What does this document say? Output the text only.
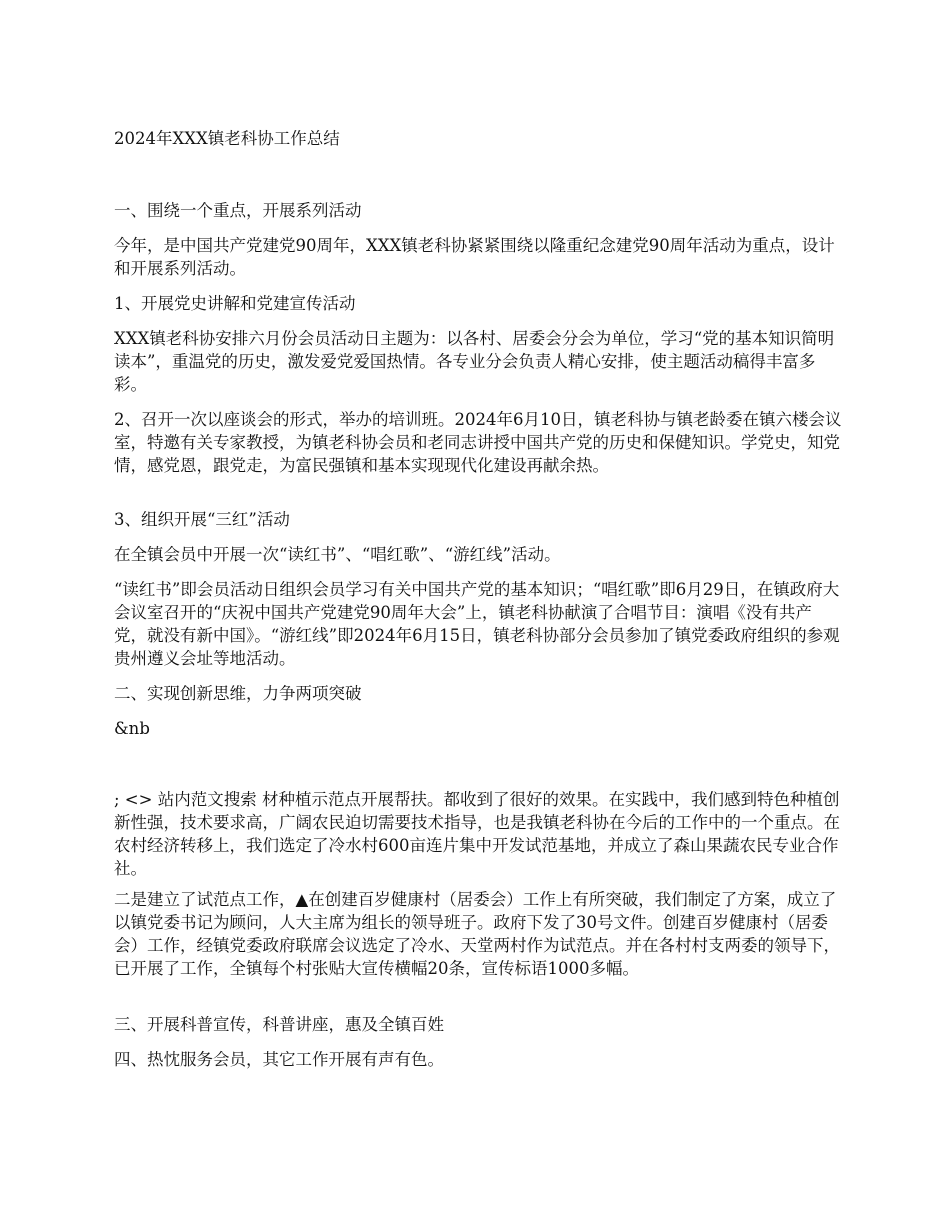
2024年XXX镇老科协工作总结

一、围绕一个重点，开展系列活动

今年，是中国共产党建党90周年，XXX镇老科协紧紧围绕以隆重纪念建党90周年活动为重点，设计和开展系列活动。

1、开展党史讲解和党建宣传活动

XXX镇老科协安排六月份会员活动日主题为：以各村、居委会分会为单位，学习“党的基本知识简明读本”，重温党的历史，激发爱党爱国热情。各专业分会负责人精心安排，使主题活动稿得丰富多彩。

2、召开一次以座谈会的形式，举办的培训班。2024年6月10日，镇老科协与镇老龄委在镇六楼会议室，特邀有关专家教授，为镇老科协会员和老同志讲授中国共产党的历史和保健知识。学党史，知党情，感党恩，跟党走，为富民强镇和基本实现现代化建设再献余热。

3、组织开展“三红”活动

在全镇会员中开展一次“读红书”、“唱红歌”、“游红线”活动。

“读红书”即会员活动日组织会员学习有关中国共产党的基本知识；“唱红歌”即6月29日，在镇政府大会议室召开的“庆祝中国共产党建党90周年大会”上，镇老科协献演了合唱节目：演唱《没有共产党，就没有新中国》。“游红线”即2024年6月15日，镇老科协部分会员参加了镇党委政府组织的参观贵州遵义会址等地活动。

二、实现创新思维，力争两项突破

&nb

; <> 站内范文搜索 材种植示范点开展帮扶。都收到了很好的效果。在实践中，我们感到特色种植创新性强，技术要求高，广阔农民迫切需要技术指导，也是我镇老科协在今后的工作中的一个重点。在农村经济转移上，我们选定了冷水村600亩连片集中开发试范基地，并成立了森山果蔬农民专业合作社。

二是建立了试范点工作，▲在创建百岁健康村（居委会）工作上有所突破，我们制定了方案，成立了以镇党委书记为顾问，人大主席为组长的领导班子。政府下发了30号文件。创建百岁健康村（居委会）工作，经镇党委政府联席会议选定了冷水、天堂两村作为试范点。并在各村村支两委的领导下，已开展了工作，全镇每个村张贴大宣传横幅20条，宣传标语1000多幅。

三、开展科普宣传，科普讲座，惠及全镇百姓

四、热忱服务会员，其它工作开展有声有色。
